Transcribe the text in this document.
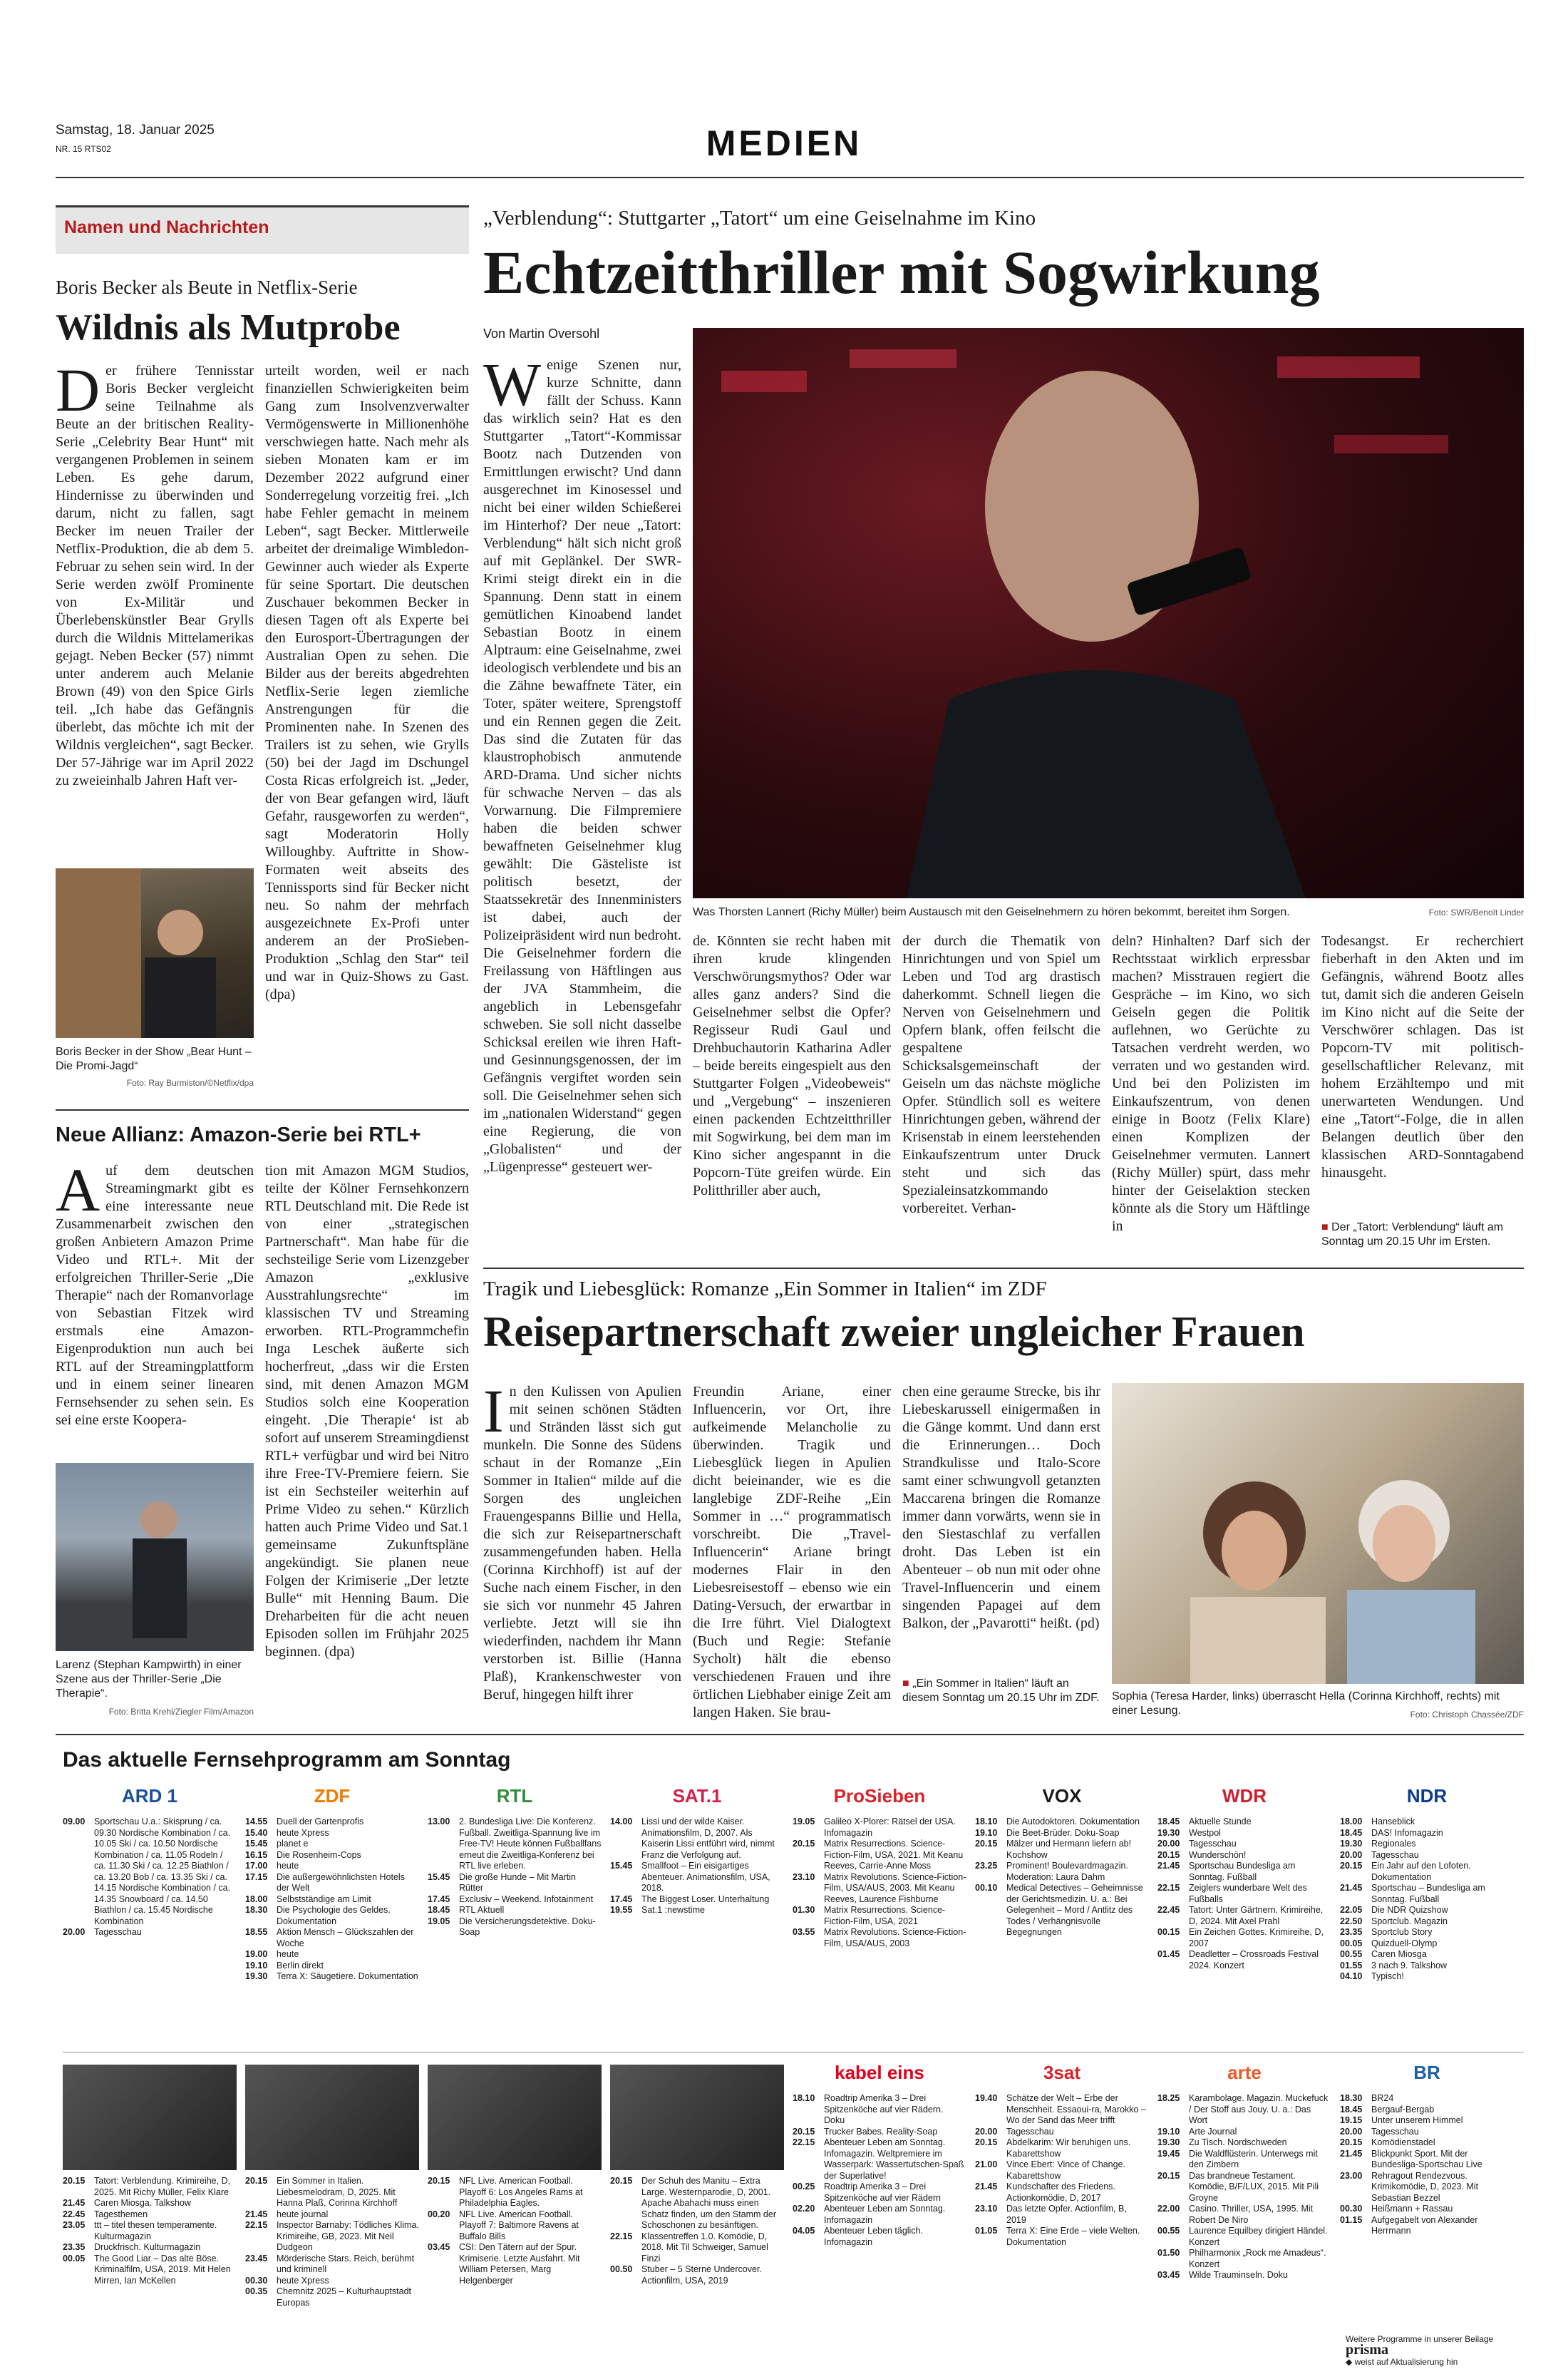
Samstag, 18. Januar 2025
NR. 15 RTS02	MEDIEN
Namen und Nachrichten
Boris Becker als Beute in Netflix-Serie
Wildnis als Mutprobe
D er frühere Tennisstar Boris Becker vergleicht seine Teilnahme als Beute an der britischen Reality-Serie „Celebrity Bear Hunt“ mit vergangenen Problemen in seinem Leben. Es gehe darum, Hindernisse zu überwinden und darum, nicht zu fallen, sagt Becker im neuen Trailer der Netflix-Produktion, die ab dem 5. Februar zu sehen sein wird. In der Serie werden zwölf Prominente von Ex-Militär und Überlebenskünstler Bear Grylls durch die Wildnis Mittelamerikas gejagt. Neben Becker (57) nimmt unter anderem auch Melanie Brown (49) von den Spice Girls teil. „Ich habe das Gefängnis überlebt, das möchte ich mit der Wildnis vergleichen“, sagt Becker. Der 57-Jährige war im April 2022 zu zweieinhalb Jahren Haft ver-

urteilt worden, weil er nach finanziellen Schwierigkeiten beim Gang zum Insolvenzverwalter Vermögenswerte in Millionenhöhe verschwiegen hatte. Nach mehr als sieben Monaten kam er im Dezember 2022 aufgrund einer Sonderregelung vorzeitig frei. „Ich habe Fehler gemacht in meinem Leben“, sagt Becker. Mittlerweile arbeitet der dreimalige Wimbledon-Gewinner auch wieder als Experte für seine Sportart. Die deutschen Zuschauer bekommen Becker in diesen Tagen oft als Experte bei den Eurosport-Übertragungen der Australian Open zu sehen. Die Bilder aus der bereits abgedrehten Netflix-Serie legen ziemliche Anstrengungen für die Prominenten nahe. In Szenen des Trailers ist zu sehen, wie Grylls (50) bei der Jagd im Dschungel Costa Ricas erfolgreich ist. „Jeder, der von Bear gefangen wird, läuft Gefahr, rausgeworfen zu werden“, sagt Moderatorin Holly Willoughby. Auftritte in Show-Formaten weit abseits des Tennissports sind für Becker nicht neu. So nahm der mehrfach ausgezeichnete Ex-Profi unter anderem an der ProSieben-Produktion „Schlag den Star“ teil und war in Quiz-Shows zu Gast. (dpa)

Boris Becker in der Show „Bear Hunt – Die Promi-Jagd“
Foto: Ray Burmiston/©Netflix/dpa
Neue Allianz: Amazon-Serie bei RTL+
A uf dem deutschen Streamingmarkt gibt es eine interessante neue Zusammenarbeit zwischen den großen Anbietern Amazon Prime Video und RTL+. Mit der erfolgreichen Thriller-Serie „Die Therapie“ nach der Romanvorlage von Sebastian Fitzek wird erstmals eine Amazon-Eigenproduktion nun auch bei RTL auf der Streamingplattform und in einem seiner linearen Fernsehsender zu sehen sein. Es sei eine erste Koopera-

tion mit Amazon MGM Studios, teilte der Kölner Fernsehkonzern RTL Deutschland mit. Die Rede ist von einer „strategischen Partnerschaft“. Man habe für die sechsteilige Serie vom Lizenzgeber Amazon „exklusive Ausstrahlungsrechte“ im klassischen TV und Streaming erworben. RTL-Programmchefin Inga Leschek äußerte sich hocherfreut, „dass wir die Ersten sind, mit denen Amazon MGM Studios solch eine Kooperation eingeht. ‚Die Therapie‘ ist ab sofort auf unserem Streamingdienst RTL+ verfügbar und wird bei Nitro ihre Free-TV-Premiere feiern. Sie ist ein Sechsteiler weiterhin auf Prime Video zu sehen.“ Kürzlich hatten auch Prime Video und Sat.1 gemeinsame Zukunftspläne angekündigt. Sie planen neue Folgen der Krimiserie „Der letzte Bulle“ mit Henning Baum. Die Dreharbeiten für die acht neuen Episoden sollen im Frühjahr 2025 beginnen. (dpa)

Larenz (Stephan Kampwirth) in einer Szene aus der Thriller-Serie „Die Therapie“.
Foto: Britta Krehl/Ziegler Film/Amazon
„Verblendung“: Stuttgarter „Tatort“ um eine Geiselnahme im Kino
Echtzeitthriller mit Sogwirkung
Von Martin Oversohl
W enige Szenen nur, kurze Schnitte, dann fällt der Schuss. Kann das wirklich sein? Hat es den Stuttgarter „Tatort“-Kommissar Bootz nach Dutzenden von Ermittlungen erwischt? Und dann ausgerechnet im Kinosessel und nicht bei einer wilden Schießerei im Hinterhof? Der neue „Tatort: Verblendung“ hält sich nicht groß auf mit Geplänkel. Der SWR-Krimi steigt direkt ein in die Spannung. Denn statt in einem gemütlichen Kinoabend landet Sebastian Bootz in einem Alptraum: eine Geiselnahme, zwei ideologisch verblendete und bis an die Zähne bewaffnete Täter, ein Toter, später weitere, Sprengstoff und ein Rennen gegen die Zeit. Das sind die Zutaten für das klaustrophobisch anmutende ARD-Drama. Und sicher nichts für schwache Nerven – das als Vorwarnung. Die Filmpremiere haben die beiden schwer bewaffneten Geiselnehmer klug gewählt: Die Gästeliste ist politisch besetzt, der Staatssekretär des Innenministers ist dabei, auch der Polizeipräsident wird nun bedroht. Die Geiselnehmer fordern die Freilassung von Häftlingen aus der JVA Stammheim, die angeblich in Lebensgefahr schweben. Sie soll nicht dasselbe Schicksal ereilen wie ihren Haft- und Gesinnungsgenossen, der im Gefängnis vergiftet worden sein soll. Die Geiselnehmer sehen sich im „nationalen Widerstand“ gegen eine Regierung, die von „Globalisten“ und der „Lügenpresse“ gesteuert wer-

Was Thorsten Lannert (Richy Müller) beim Austausch mit den Geiselnehmern zu hören bekommt, bereitet ihm Sorgen.	Foto: SWR/Benoît Linder

de. Könnten sie recht haben mit ihren krude klingenden Verschwörungsmythos? Oder war alles ganz anders? Sind die Geiselnehmer selbst die Opfer? Regisseur Rudi Gaul und Drehbuchautorin Katharina Adler – beide bereits eingespielt aus den Stuttgarter Folgen „Videobeweis“ und „Vergebung“ – inszenieren einen packenden Echtzeitthriller mit Sogwirkung, bei dem man im Kino sicher angespannt in die Popcorn-Tüte greifen würde. Ein Politthriller aber auch,

der durch die Thematik von Hinrichtungen und von Spiel um Leben und Tod arg drastisch daherkommt. Schnell liegen die Nerven von Geiselnehmern und Opfern blank, offen feilscht die gespaltene Schicksalsgemeinschaft der Geiseln um das nächste mögliche Opfer. Stündlich soll es weitere Hinrichtungen geben, während der Krisenstab in einem leerstehenden Einkaufszentrum unter Druck steht und sich das Spezialeinsatzkommando vorbereitet. Verhan-

deln? Hinhalten? Darf sich der Rechtsstaat wirklich erpressbar machen? Misstrauen regiert die Gespräche – im Kino, wo sich Geiseln gegen die Politik auflehnen, wo Gerüchte zu Tatsachen verdreht werden, wo verraten und wo gestanden wird. Und bei den Polizisten im Einkaufszentrum, von denen einige in Bootz (Felix Klare) einen Komplizen der Geiselnehmer vermuten. Lannert (Richy Müller) spürt, dass mehr hinter der Geiselaktion stecken könnte als die Story um Häftlinge in

Todesangst. Er recherchiert fieberhaft in den Akten und im Gefängnis, während Bootz alles tut, damit sich die anderen Geiseln im Kino nicht auf die Seite der Verschwörer schlagen. Das ist Popcorn-TV mit politisch-gesellschaftlicher Relevanz, mit hohem Erzähltempo und mit unerwarteten Wendungen. Und eine „Tatort“-Folge, die in allen Belangen deutlich über den klassischen ARD-Sonntagabend hinausgeht.

■ Der „Tatort: Verblendung“ läuft am Sonntag um 20.15 Uhr im Ersten.
Tragik und Liebesglück: Romanze „Ein Sommer in Italien“ im ZDF
Reisepartnerschaft zweier ungleicher Frauen
I n den Kulissen von Apulien mit seinen schönen Städten und Stränden lässt sich gut munkeln. Die Sonne des Südens schaut in der Romanze „Ein Sommer in Italien“ milde auf die Sorgen des ungleichen Frauengespanns Billie und Hella, die sich zur Reisepartnerschaft zusammengefunden haben. Hella (Corinna Kirchhoff) ist auf der Suche nach einem Fischer, in den sie sich vor nunmehr 45 Jahren verliebte. Jetzt will sie ihn wiederfinden, nachdem ihr Mann verstorben ist. Billie (Hanna Plaß), Krankenschwester von Beruf, hingegen hilft ihrer

Freundin Ariane, einer Influencerin, vor Ort, ihre aufkeimende Melancholie zu überwinden. Tragik und Liebesglück liegen in Apulien dicht beieinander, wie es die langlebige ZDF-Reihe „Ein Sommer in …“ programmatisch vorschreibt. Die „Travel-Influencerin“ Ariane bringt modernes Flair in den Liebesreisestoff – ebenso wie ein Dating-Versuch, der erwartbar in die Irre führt. Viel Dialogtext (Buch und Regie: Stefanie Sycholt) hält die ebenso verschiedenen Frauen und ihre örtlichen Liebhaber einige Zeit am langen Haken. Sie brau-

chen eine geraume Strecke, bis ihr Liebeskarussell einigermaßen in die Gänge kommt. Und dann erst die Erinnerungen… Doch Strandkulisse und Italo-Score samt einer schwungvoll getanzten Maccarena bringen die Romanze immer dann vorwärts, wenn sie in den Siestaschlaf zu verfallen droht. Das Leben ist ein Abenteuer – ob nun mit oder ohne Travel-Influencerin und einem singenden Papagei auf dem Balkon, der „Pavarotti“ heißt. (pd)

■ „Ein Sommer in Italien“ läuft an diesem Sonntag um 20.15 Uhr im ZDF. Sophia (Teresa Harder, links) überrascht Hella (Corinna Kirchhoff, rechts) mit einer Lesung.	Foto: Christoph Chassée/ZDF
Das aktuelle Fernsehprogramm am Sonntag
ARD 1
09.00	Sportschau U.a.: Skisprung / ca. 09.30 Nordische Kombination / ca. 10.05 Ski / ca. 10.50 Nordische Kombination / ca. 11.05 Rodeln / ca. 11.30 Ski / ca. 12.25 Biathlon / ca. 13.20 Bob / ca. 13.35 Ski / ca. 14.15 Nordische Kombination / ca. 14.35 Snowboard / ca. 14.50 Biathlon / ca. 15.45 Nordische Kombination
20.00	Tagesschau
ZDF
14.55	Duell der Gartenprofis
15.40	heute Xpress
15.45	planet e
16.15	Die Rosenheim-Cops
17.00	heute
17.15	Die außergewöhnlichsten Hotels der Welt
18.00	Selbstständige am Limit
18.30	Die Psychologie des Geldes. Dokumentation
18.55	Aktion Mensch – Glückszahlen der Woche
19.00	heute
19.10	Berlin direkt
19.30	Terra X: Säugetiere. Dokumentation
RTL
13.00	2. Bundesliga Live: Die Konferenz. Fußball. Zweitliga-Spannung live im Free-TV! Heute können Fußballfans erneut die Zweitliga-Konferenz bei RTL live erleben.
15.45	Die große Hunde – Mit Martin Rütter
17.45	Exclusiv – Weekend. Infotainment
18.45	RTL Aktuell
19.05	Die Versicherungsdetektive. Doku-Soap
SAT.1
14.00	Lissi und der wilde Kaiser. Animationsfilm, D, 2007. Als Kaiserin Lissi entführt wird, nimmt Franz die Verfolgung auf.
15.45	Smallfoot – Ein eisigartiges Abenteuer. Animationsfilm, USA, 2018.
17.45	The Biggest Loser. Unterhaltung
19.55	Sat.1 :newstime
ProSieben
19.05	Galileo X-Plorer: Rätsel der USA. Infomagazin
20.15	Matrix Resurrections. Science-Fiction-Film, USA, 2021. Mit Keanu Reeves, Carrie-Anne Moss
23.10	Matrix Revolutions. Science-Fiction-Film, USA/AUS, 2003. Mit Keanu Reeves, Laurence Fishburne
01.30	Matrix Resurrections. Science-Fiction-Film, USA, 2021
03.55	Matrix Revolutions. Science-Fiction-Film, USA/AUS, 2003
VOX
18.10	Die Autodoktoren. Dokumentation
19.10	Die Beet-Brüder. Doku-Soap
20.15	Mälzer und Hermann liefern ab! Kochshow
23.25	Prominent! Boulevardmagazin. Moderation: Laura Dahm
00.10	Medical Detectives – Geheimnisse der Gerichtsmedizin. U. a.: Bei Gelegenheit – Mord / Antlitz des Todes / Verhängnisvolle Begegnungen
WDR
18.45	Aktuelle Stunde
19.30	Westpol
20.00	Tagesschau
20.15	Wunderschön!
21.45	Sportschau Bundesliga am Sonntag. Fußball
22.15	Zeiglers wunderbare Welt des Fußballs
22.45	Tatort: Unter Gärtnern. Krimireihe, D, 2024. Mit Axel Prahl
00.15	Ein Zeichen Gottes. Krimireihe, D, 2007
01.45	Deadletter – Crossroads Festival 2024. Konzert
NDR
18.00	Hanseblick
18.45	DAS! Infomagazin
19.30	Regionales
20.00	Tagesschau
20.15	Ein Jahr auf den Lofoten. Dokumentation
21.45	Sportschau – Bundesliga am Sonntag. Fußball
22.05	Die NDR Quizshow
22.50	Sportclub. Magazin
23.35	Sportclub Story
00.05	Quizduell-Olymp
00.55	Caren Miosga
01.55	3 nach 9. Talkshow
04.10	Typisch!
20.15	Tatort: Verblendung. Krimireihe, D, 2025. Mit Richy Müller, Felix Klare
21.45	Caren Miosga. Talkshow
22.45	Tagesthemen
23.05	ttt – titel thesen temperamente. Kulturmagazin
23.35	Druckfrisch. Kulturmagazin
00.05	The Good Liar – Das alte Böse. Kriminalfilm, USA, 2019. Mit Helen Mirren, Ian McKellen
20.15	Ein Sommer in Italien. Liebesmelodram, D, 2025. Mit Hanna Plaß, Corinna Kirchhoff
21.45	heute journal
22.15	Inspector Barnaby: Tödliches Klima. Krimireihe, GB, 2023. Mit Neil Dudgeon
23.45	Mörderische Stars. Reich, berühmt und kriminell
00.30	heute Xpress
00.35	Chemnitz 2025 – Kulturhauptstadt Europas
20.15	NFL Live. American Football. Playoff 6: Los Angeles Rams at Philadelphia Eagles.
00.20	NFL Live. American Football. Playoff 7: Baltimore Ravens at Buffalo Bills
03.45	CSI: Den Tätern auf der Spur. Krimiserie. Letzte Ausfahrt. Mit William Petersen, Marg Helgenberger
20.15	Der Schuh des Manitu – Extra Large. Westernparodie, D, 2001. Apache Abahachi muss einen Schatz finden, um den Stamm der Schoschonen zu besänftigen.
22.15	Klassentreffen 1.0. Komödie, D, 2018. Mit Til Schweiger, Samuel Finzi
00.50	Stuber – 5 Sterne Undercover. Actionfilm, USA, 2019
kabel eins
18.10	Roadtrip Amerika 3 – Drei Spitzenköche auf vier Rädern. Doku
20.15	Trucker Babes. Reality-Soap
22.15	Abenteuer Leben am Sonntag. Infomagazin. Weltpremiere im Wasserpark: Wassertutschen-Spaß der Superlative!
00.25	Roadtrip Amerika 3 – Drei Spitzenköche auf vier Rädern
02.20	Abenteuer Leben am Sonntag. Infomagazin
04.05	Abenteuer Leben täglich. Infomagazin
3sat
19.40	Schätze der Welt – Erbe der Menschheit. Essaoui-ra, Marokko – Wo der Sand das Meer trifft
20.00	Tagesschau
20.15	Abdelkarim: Wir beruhigen uns. Kabarettshow
21.00	Vince Ebert: Vince of Change. Kabarettshow
21.45	Kundschafter des Friedens. Actionkomödie, D, 2017
23.10	Das letzte Opfer. Actionfilm, B, 2019
01.05	Terra X: Eine Erde – viele Welten. Dokumentation
arte
18.25	Karambolage. Magazin. Muckefuck / Der Stoff aus Jouy. U. a.: Das Wort
19.10	Arte Journal
19.30	Zu Tisch. Nordschweden
19.45	Die Waldflüsterin. Unterwegs mit den Zimbern
20.15	Das brandneue Testament. Komödie, B/F/LUX, 2015. Mit Pili Groyne
22.00	Casino. Thriller, USA, 1995. Mit Robert De Niro
00.55	Laurence Equilbey dirigiert Händel. Konzert
01.50	Philharmonix „Rock me Amadeus“. Konzert
03.45	Wilde Trauminseln. Doku
BR
18.30	BR24
18.45	Bergauf-Bergab
19.15	Unter unserem Himmel
20.00	Tagesschau
20.15	Komödienstadel
21.45	Blickpunkt Sport. Mit der Bundesliga-Sportschau Live
23.00	Rehragout Rendezvous. Krimikomödie, D, 2023. Mit Sebastian Bezzel
00.30	Heißmann + Rassau
01.15	Aufgegabelt von Alexander Herrmann
Weitere Programme in unserer Beilage prisma
◆ weist auf Aktualisierung hin
